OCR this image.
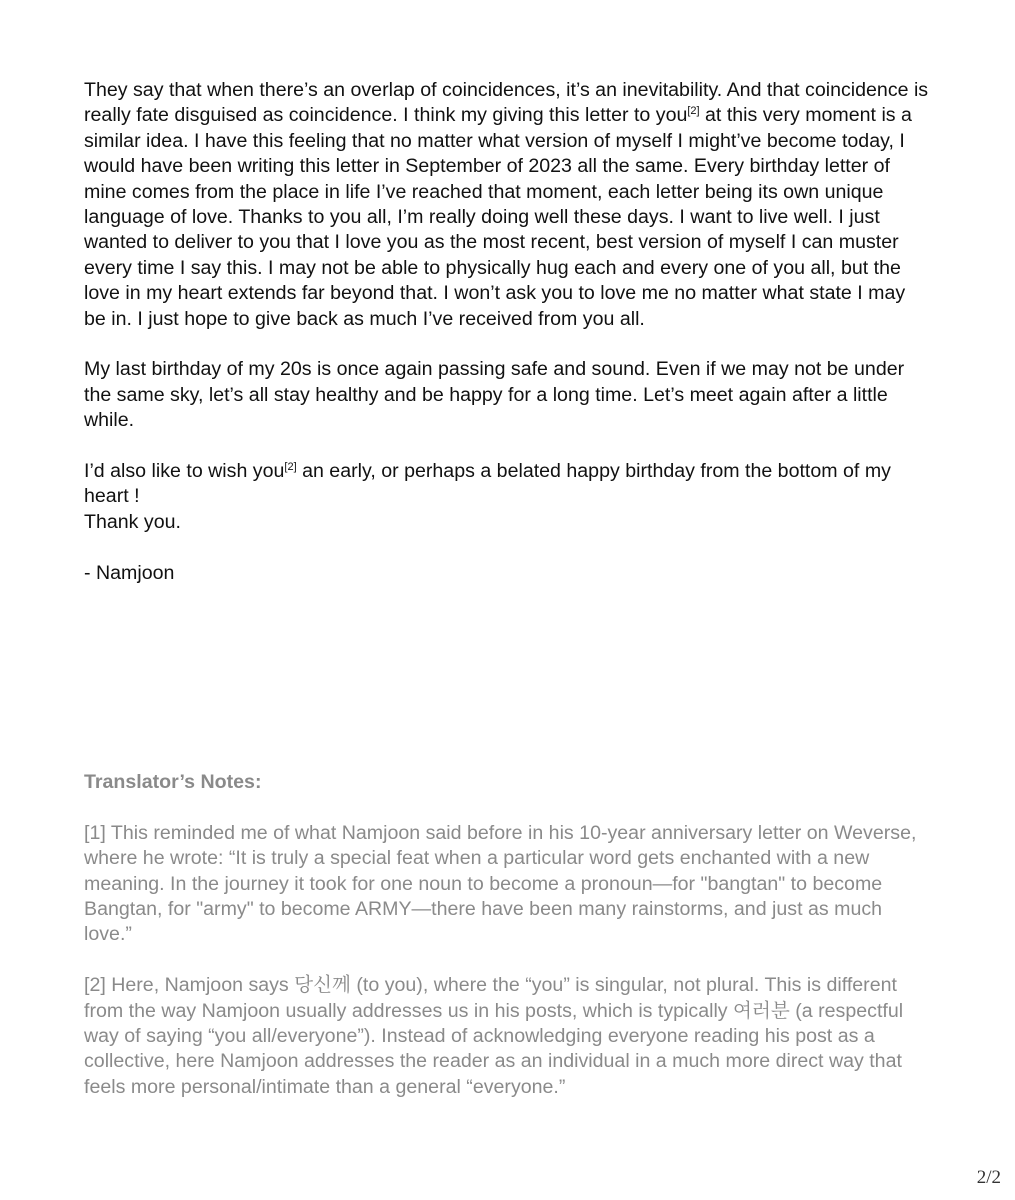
They say that when there’s an overlap of coincidences, it’s an inevitability. And that coincidence is really fate disguised as coincidence. I think my giving this letter to you[2] at this very moment is a similar idea. I have this feeling that no matter what version of myself I might’ve become today, I would have been writing this letter in September of 2023 all the same. Every birthday letter of mine comes from the place in life I’ve reached that moment, each letter being its own unique language of love. Thanks to you all, I’m really doing well these days. I want to live well. I just wanted to deliver to you that I love you as the most recent, best version of myself I can muster every time I say this. I may not be able to physically hug each and every one of you all, but the love in my heart extends far beyond that. I won’t ask you to love me no matter what state I may be in. I just hope to give back as much I’ve received from you all.

My last birthday of my 20s is once again passing safe and sound. Even if we may not be under the same sky, let’s all stay healthy and be happy for a long time. Let’s meet again after a little while.

I’d also like to wish you[2] an early, or perhaps a belated happy birthday from the bottom of my heart !
Thank you.

- Namjoon

Translator’s Notes:

[1] This reminded me of what Namjoon said before in his 10-year anniversary letter on Weverse, where he wrote: “It is truly a special feat when a particular word gets enchanted with a new meaning. In the journey it took for one noun to become a pronoun—for "bangtan" to become Bangtan, for "army" to become ARMY—there have been many rainstorms, and just as much love.”

[2] Here, Namjoon says 당신께 (to you), where the “you” is singular, not plural. This is different from the way Namjoon usually addresses us in his posts, which is typically 여러분 (a respectful way of saying “you all/everyone”). Instead of acknowledging everyone reading his post as a collective, here Namjoon addresses the reader as an individual in a much more direct way that feels more personal/intimate than a general “everyone.”

2/2
